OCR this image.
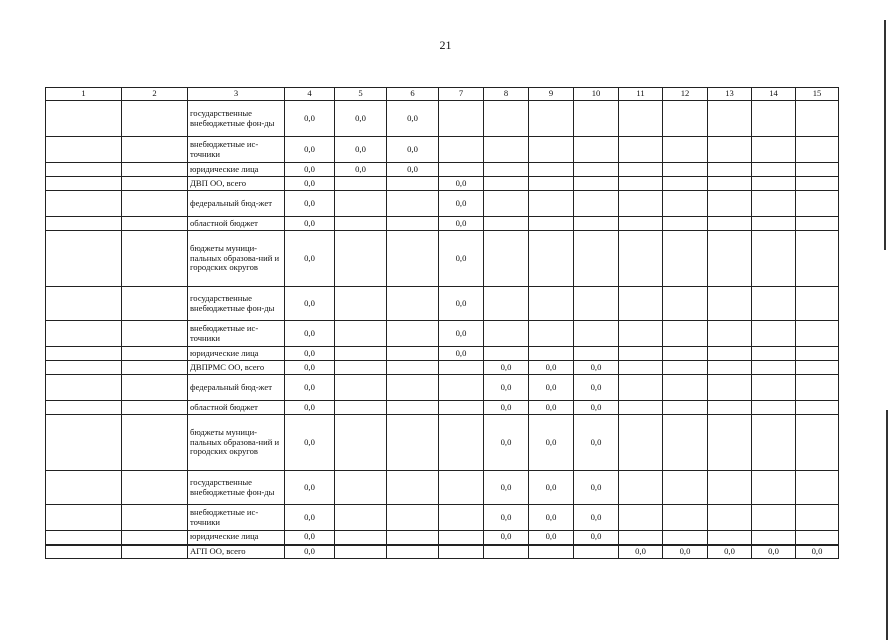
21
1	2	3	4	5	6	7	8	9	10	11	12	13	14	15
		государственные внебюджетные фон-ды	0,0	0,0	0,0									
		внебюджетные ис-точники	0,0	0,0	0,0									
		юридические лица	0,0	0,0	0,0									
		ДВП ОО, всего	0,0			0,0								
		федеральный бюд-жет	0,0			0,0								
		областной бюджет	0,0			0,0								
		бюджеты муници-пальных образова-ний и городских округов	0,0			0,0								
		государственные внебюджетные фон-ды	0,0			0,0								
		внебюджетные ис-точники	0,0			0,0								
		юридические лица	0,0			0,0								
		ДВПРМС ОО, всего	0,0				0,0	0,0	0,0					
		федеральный бюд-жет	0,0				0,0	0,0	0,0					
		областной бюджет	0,0				0,0	0,0	0,0					
		бюджеты муници-пальных образова-ний и городских округов	0,0				0,0	0,0	0,0					
		государственные внебюджетные фон-ды	0,0				0,0	0,0	0,0					
		внебюджетные ис-точники	0,0				0,0	0,0	0,0					
		юридические лица	0,0				0,0	0,0	0,0					
		АГП ОО, всего	0,0							0,0	0,0	0,0	0,0	0,0
